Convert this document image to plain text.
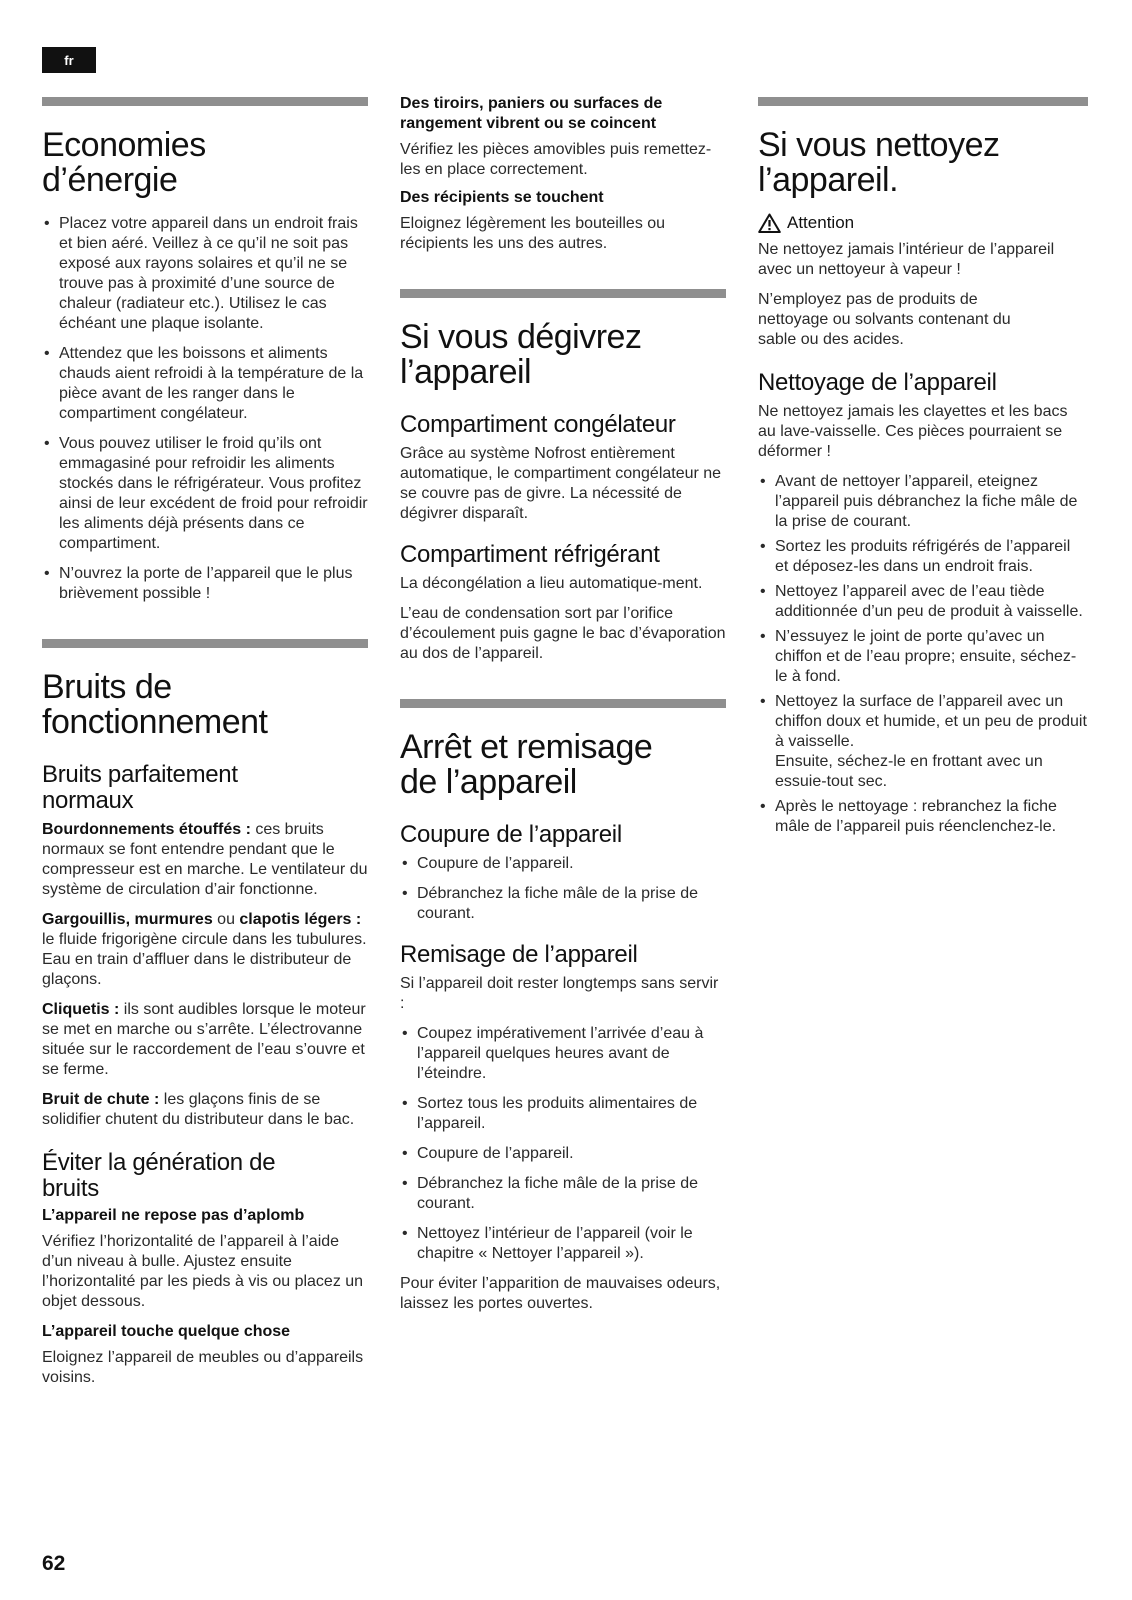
fr
Economies d’énergie
• Placez votre appareil dans un endroit frais et bien aéré. Veillez à ce qu’il ne soit pas exposé aux rayons solaires et qu’il ne se trouve pas à proximité d’une source de chaleur (radiateur etc.). Utilisez le cas échéant une plaque isolante.
• Attendez que les boissons et aliments chauds aient refroidi à la température de la pièce avant de les ranger dans le compartiment congélateur.
• Vous pouvez utiliser le froid qu’ils ont emmagasiné pour refroidir les aliments stockés dans le réfrigérateur. Vous profitez ainsi de leur excédent de froid pour refroidir les aliments déjà présents dans ce compartiment.
• N’ouvrez la porte de l’appareil que le plus brièvement possible !
Bruits de fonctionnement
Bruits parfaitement normaux

Bourdonnements étouffés : ces bruits normaux se font entendre pendant que le compresseur est en marche. Le ventilateur du système de circulation d’air fonctionne.

Gargouillis, murmures ou clapotis légers : le fluide frigorigène circule dans les tubulures. Eau en train d’affluer dans le distributeur de glaçons.

Cliquetis : ils sont audibles lorsque le moteur se met en marche ou s’arrête. L’électrovanne située sur le raccordement de l’eau s’ouvre et se ferme.

Bruit de chute : les glaçons finis de se solidifier chutent du distributeur dans le bac.

Éviter la génération de bruits
L’appareil ne repose pas d’aplomb

Vérifiez l’horizontalité de l’appareil à l’aide d’un niveau à bulle. Ajustez ensuite l’horizontalité par les pieds à vis ou placez un objet dessous.

L’appareil touche quelque chose

Eloignez l’appareil de meubles ou d’appareils voisins.

Des tiroirs, paniers ou surfaces de rangement vibrent ou se coincent

Vérifiez les pièces amovibles puis remettez-les en place correctement.

Des récipients se touchent

Eloignez légèrement les bouteilles ou récipients les uns des autres.

Si vous dégivrez l’appareil
Compartiment congélateur

Grâce au système Nofrost entièrement automatique, le compartiment congélateur ne se couvre pas de givre. La nécessité de dégivrer disparaît.

Compartiment réfrigérant

La décongélation a lieu automatique-ment.

L’eau de condensation sort par l’orifice d’écoulement puis gagne le bac d’évaporation au dos de l’appareil.

Arrêt et remisage de l’appareil
Coupure de l’appareil
• Coupure de l’appareil.
• Débranchez la fiche mâle de la prise de courant.
Remisage de l’appareil

Si l’appareil doit rester longtemps sans servir :

• Coupez impérativement l’arrivée d’eau à l’appareil quelques heures avant de l’éteindre.
• Sortez tous les produits alimentaires de l’appareil.
• Coupure de l’appareil.
• Débranchez la fiche mâle de la prise de courant.
• Nettoyez l’intérieur de l’appareil (voir le chapitre « Nettoyer l’appareil »).

Pour éviter l’apparition de mauvaises odeurs, laissez les portes ouvertes.

Si vous nettoyez l’appareil.
Attention

Ne nettoyez jamais l’intérieur de l’appareil avec un nettoyeur à vapeur !

N’employez pas de produits de nettoyage ou solvants contenant du sable ou des acides.

Nettoyage de l’appareil

Ne nettoyez jamais les clayettes et les bacs au lave-vaisselle. Ces pièces pourraient se déformer !

• Avant de nettoyer l’appareil, eteignez l’appareil puis débranchez la fiche mâle de la prise de courant.
• Sortez les produits réfrigérés de l’appareil et déposez-les dans un endroit frais.
• Nettoyez l’appareil avec de l’eau tiède additionnée d’un peu de produit à vaisselle.
• N’essuyez le joint de porte qu’avec un chiffon et de l’eau propre; ensuite, séchez-le à fond.
• Nettoyez la surface de l’appareil avec un chiffon doux et humide, et un peu de produit à vaisselle.
Ensuite, séchez-le en frottant avec un essuie-tout sec.
• Après le nettoyage : rebranchez la fiche mâle de l’appareil puis réenclenchez-le.
62
